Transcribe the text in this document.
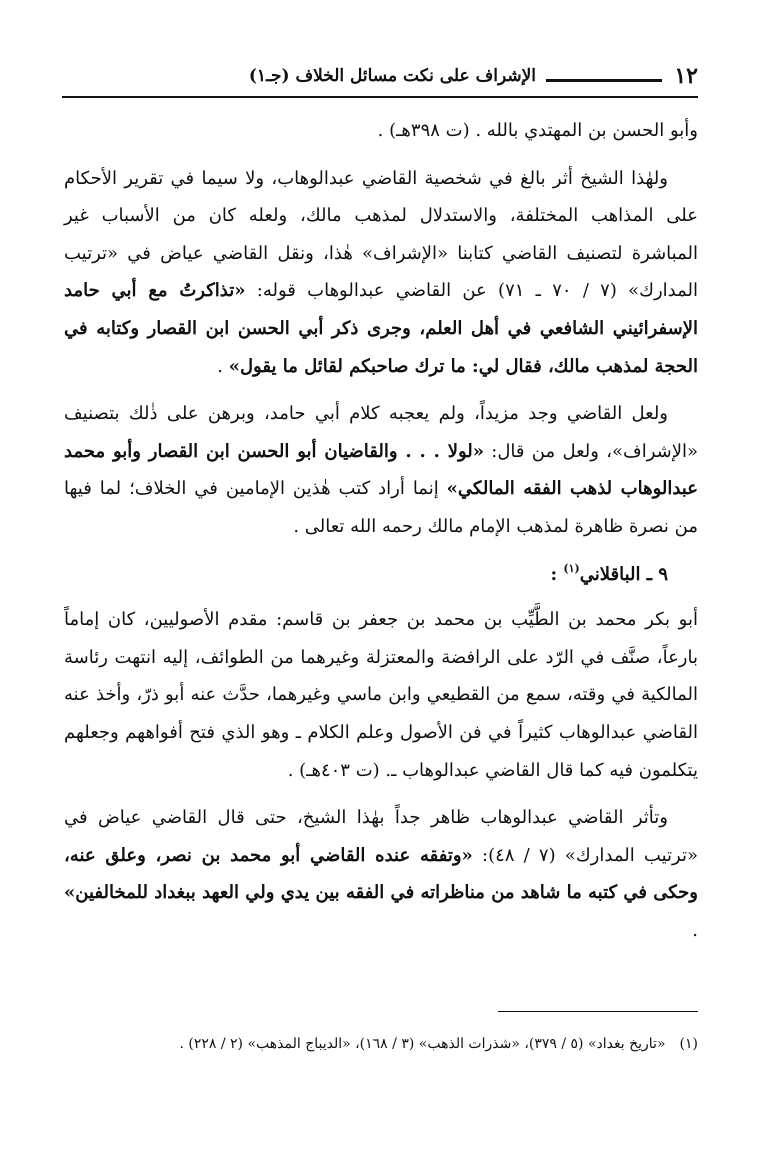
١٢
الإشراف على نكت مسائل الخلاف (جـ١)

وأبو الحسن بن المهتدي بالله . (ت ٣٩٨هـ) .

ولهٰذا الشيخ أثر بالغ في شخصية القاضي عبدالوهاب، ولا سيما في تقرير الأحكام على المذاهب المختلفة، والاستدلال لمذهب مالك، ولعله كان من الأسباب غير المباشرة لتصنيف القاضي كتابنا «الإشراف» هٰذا، ونقل القاضي عياض في «ترتيب المدارك» (٧ / ٧٠ ـ ٧١) عن القاضي عبدالوهاب قوله: «تذاكرتُ مع أبي حامد الإسفرائيني الشافعي في أهل العلم، وجرى ذكر أبي الحسن ابن القصار وكتابه في الحجة لمذهب مالك، فقال لي: ما ترك صاحبكم لقائل ما يقول» .

ولعل القاضي وجد مزيداً، ولم يعجبه كلام أبي حامد، وبرهن على ذٰلك بتصنيف «الإشراف»، ولعل من قال: «لولا . . . والقاضيان أبو الحسن ابن القصار وأبو محمد عبدالوهاب لذهب الفقه المالكي» إنما أراد كتب هٰذين الإمامين في الخلاف؛ لما فيها من نصرة ظاهرة لمذهب الإمام مالك رحمه الله تعالى .

٩ ـ الباقلاني$^{(١)}$ :

أبو بكر محمد بن الطَّيِّب بن محمد بن جعفر بن قاسم: مقدم الأصوليين، كان إماماً بارعاً، صنَّف في الرّد على الرافضة والمعتزلة وغيرهما من الطوائف، إليه انتهت رئاسة المالكية في وقته، سمع من القطيعي وابن ماسي وغيرهما، حدَّث عنه أبو ذرّ، وأخذ عنه القاضي عبدالوهاب كثيراً في فن الأصول وعلم الكلام ـ وهو الذي فتح أفواههم وجعلهم يتكلمون فيه كما قال القاضي عبدالوهاب ـ. (ت ٤٠٣هـ) .

وتأثر القاضي عبدالوهاب ظاهر جداً بهٰذا الشيخ، حتى قال القاضي عياض في «ترتيب المدارك» (٧ / ٤٨): «وتفقه عنده القاضي أبو محمد بن نصر، وعلق عنه، وحكى في كتبه ما شاهد من مناظراته في الفقه بين يدي ولي العهد ببغداد للمخالفين» .

(١)«تاريخ بغداد» (٥ / ٣٧٩)، «شذرات الذهب» (٣ / ١٦٨)، «الديباج المذهب» (٢ / ٢٢٨) .
